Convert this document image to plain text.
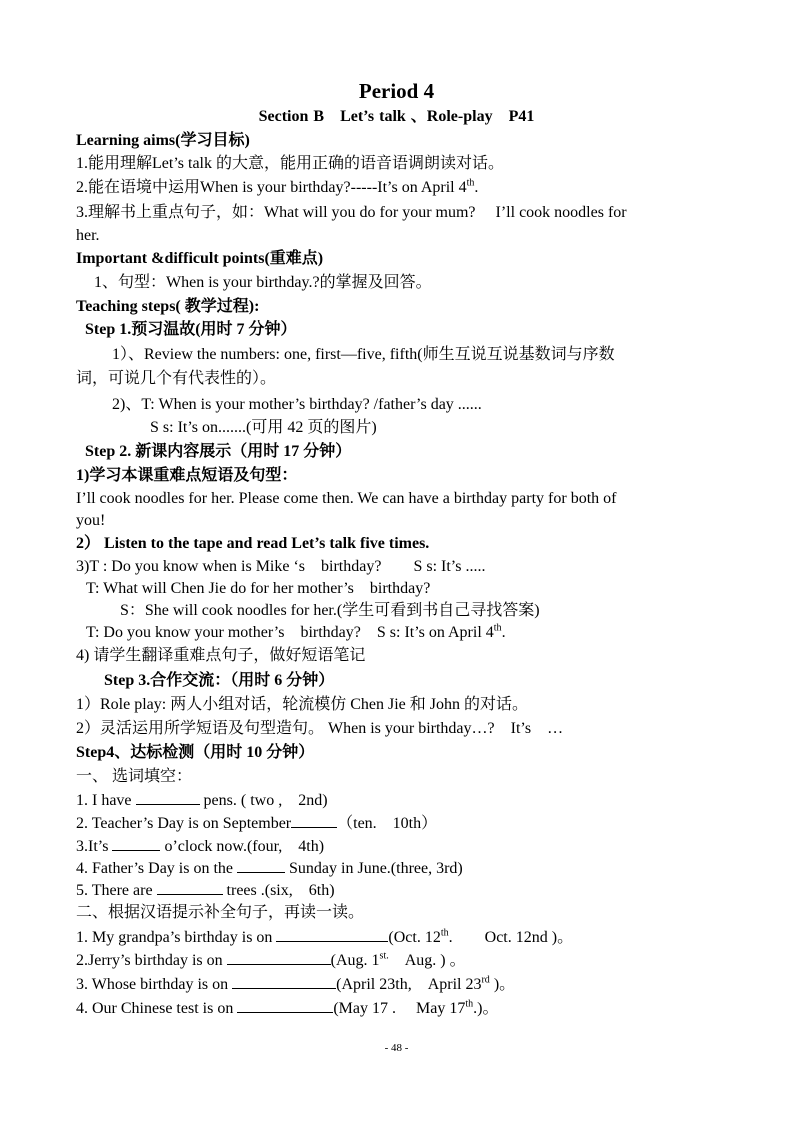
Period 4
Section B　Let’s talk 、Role-play　P41
Learning aims(学习目标)
1.能用理解Let’s talk 的大意，能用正确的语音语调朗读对话。
2.能在语境中运用When is your birthday?-----It’s on April 4th.
3.理解书上重点句子，如：What will you do for your mum?　 I’ll cook noodles for
her.
Important &difficult points(重难点)
1、句型：When is your birthday.?的掌握及回答。
Teaching steps( 教学过程):
Step 1.预习温故(用时 7 分钟）
1）、Review the numbers: one, first—five, fifth(师生互说互说基数词与序数
词，可说几个有代表性的）。
2)、T: When is your mother’s birthday? /father’s day ......
S s: It’s on.......(可用 42 页的图片)
Step 2. 新课内容展示（用时 17 分钟）
1)学习本课重难点短语及句型：
I’ll cook noodles for her. Please come then. We can have a birthday party for both of
you!
2） Listen to the tape and read Let’s talk five times.
3)T : Do you know when is Mike ‘s　birthday?　　S s: It’s .....
T: What will Chen Jie do for her mother’s　birthday?
S：She will cook noodles for her.(学生可看到书自己寻找答案)
T: Do you know your mother’s　birthday?　S s: It’s on April 4th.
4) 请学生翻译重难点句子，做好短语笔记
Step 3.合作交流：（用时 6 分钟）
1）Role play: 两人小组对话，轮流模仿 Chen Jie 和 John 的对话。
2）灵活运用所学短语及句型造句。 When is your birthday…?　It’s　…
Step4、达标检测（用时 10 分钟）
一、 选词填空：
1. I have	pens. ( two ,　2nd)
2. Teacher’s Day is on September	（ten.　10th）
3.It’s	o’clock now.(four,　4th)
4. Father’s Day is on the	Sunday in June.(three, 3rd)
5. There are	trees .(six,　6th)
二、根据汉语提示补全句子，再读一读。
1. My grandpa’s birthday is on	(Oct. 12th.　　Oct. 12nd )。
2.Jerry’s birthday is on	(Aug. $1^{st.}$　Aug. ) 。
3. Whose birthday is on	(April 23th,　April 23rd )。
4. Our Chinese test is on	(May 17 .　 May 17th.)。
- 48 -
